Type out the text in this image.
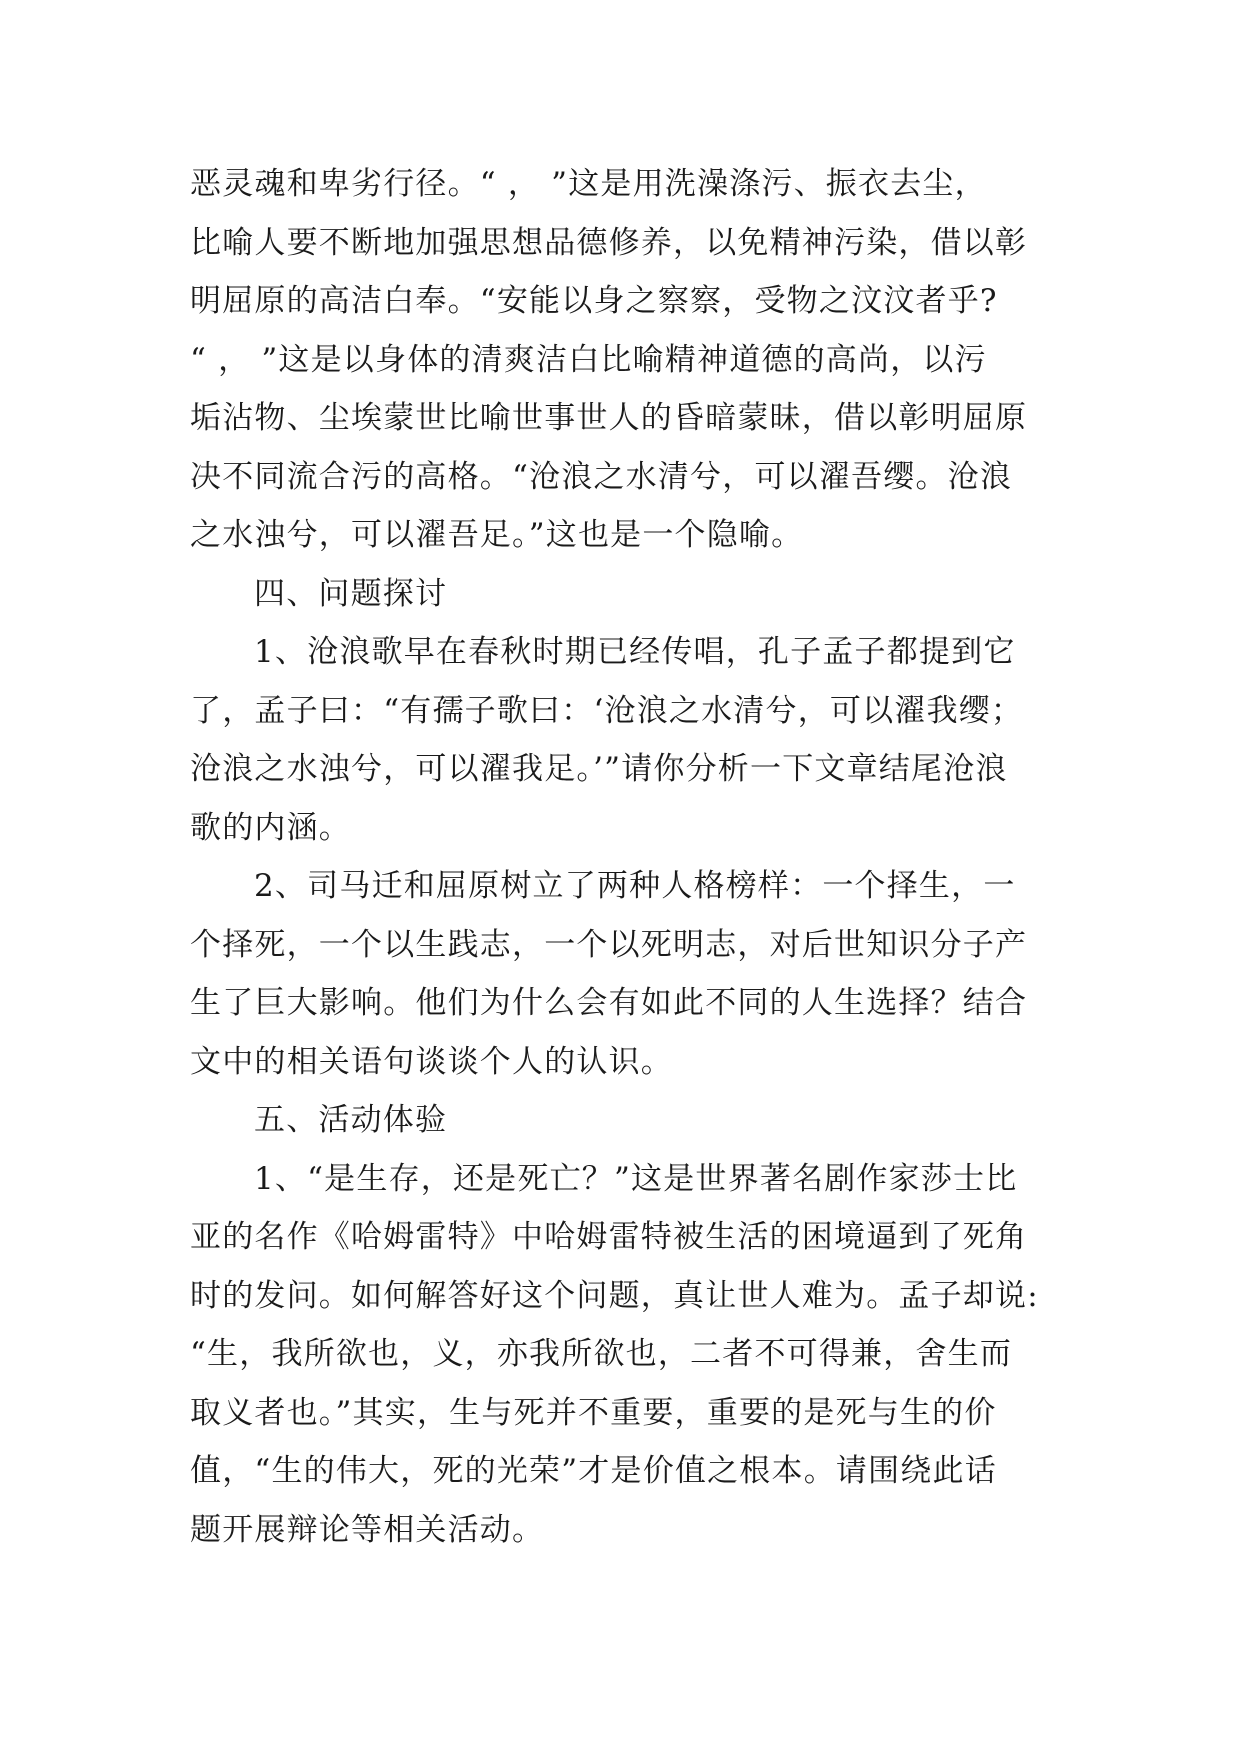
恶灵魂和卑劣行径。“ ， ”这是用洗澡涤污、振衣去尘，
比喻人要不断地加强思想品德修养，以免精神污染，借以彰
明屈原的高洁白奉。“安能以身之察察，受物之汶汶者乎?
“ ， ”这是以身体的清爽洁白比喻精神道德的高尚，以污
垢沾物、尘埃蒙世比喻世事世人的昏暗蒙昧，借以彰明屈原
决不同流合污的高格。“沧浪之水清兮，可以濯吾缨。沧浪
之水浊兮，可以濯吾足。”这也是一个隐喻。
四、问题探讨
1、沧浪歌早在春秋时期已经传唱，孔子孟子都提到它
了，孟子曰：“有孺子歌曰：‘沧浪之水清兮，可以濯我缨；
沧浪之水浊兮，可以濯我足。’”请你分析一下文章结尾沧浪
歌的内涵。
2、司马迁和屈原树立了两种人格榜样：一个择生，一
个择死，一个以生践志，一个以死明志，对后世知识分子产
生了巨大影响。他们为什么会有如此不同的人生选择？结合
文中的相关语句谈谈个人的认识。
五、活动体验
1、“是生存，还是死亡？”这是世界著名剧作家莎士比
亚的名作《哈姆雷特》中哈姆雷特被生活的困境逼到了死角
时的发问。如何解答好这个问题，真让世人难为。孟子却说:
“生，我所欲也，义，亦我所欲也，二者不可得兼，舍生而
取义者也。”其实，生与死并不重要，重要的是死与生的价
值，“生的伟大，死的光荣”才是价值之根本。请围绕此话
题开展辩论等相关活动。
